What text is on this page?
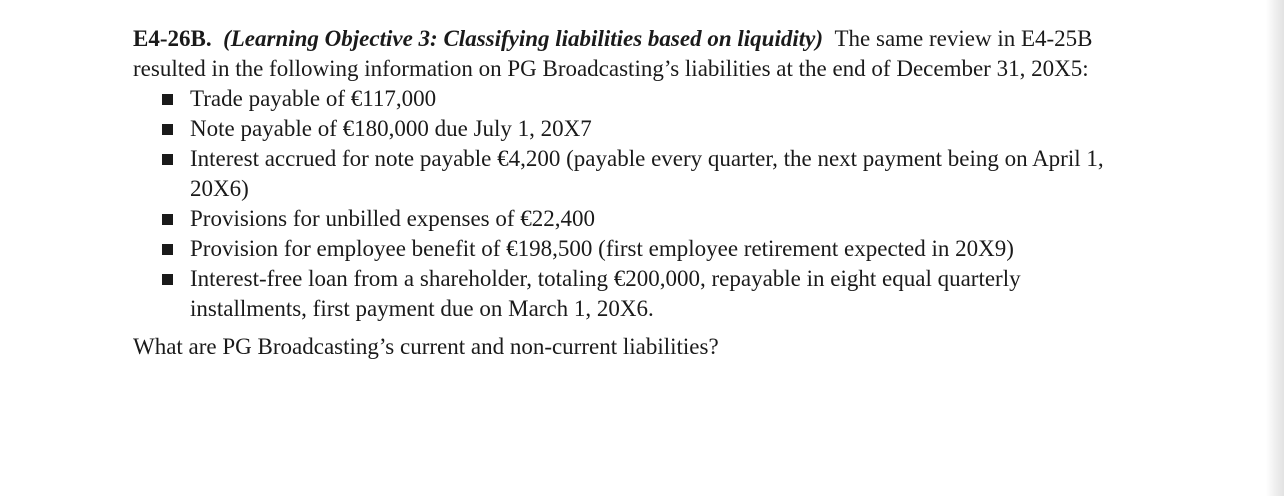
E4-26B. (Learning Objective 3: Classifying liabilities based on liquidity) The same review in E4-25B resulted in the following information on PG Broadcasting’s liabilities at the end of December 31, 20X5:

Trade payable of €117,000
Note payable of €180,000 due July 1, 20X7
Interest accrued for note payable €4,200 (payable every quarter, the next payment being on April 1, 20X6)
Provisions for unbilled expenses of €22,400
Provision for employee benefit of €198,500 (first employee retirement expected in 20X9)
Interest-free loan from a shareholder, totaling €200,000, repayable in eight equal quarterly installments, first payment due on March 1, 20X6.

What are PG Broadcasting’s current and non-current liabilities?
